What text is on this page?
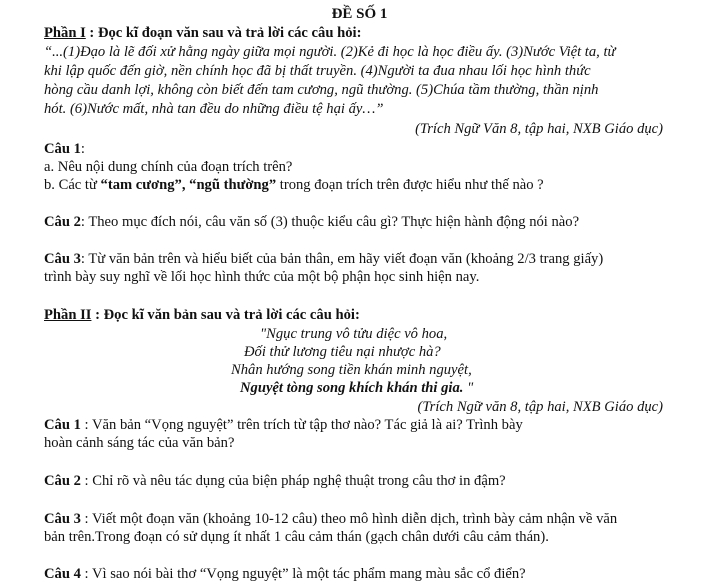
ĐỀ SỐ 1
Phần I : Đọc kĩ đoạn văn sau và trả lời các câu hỏi:
“...(1)Đạo là lẽ đối xử hằng ngày giữa mọi người. (2)Kẻ đi học là học điều ấy. (3)Nước Việt ta, từ
khi lập quốc đến giờ, nền chính học đã bị thất truyền. (4)Người ta đua nhau lối học hình thức
hòng cầu danh lợi, không còn biết đến tam cương, ngũ thường. (5)Chúa tầm thường, thần nịnh
hót. (6)Nước mất, nhà tan đều do những điều tệ hại ấy…”
(Trích Ngữ Văn 8, tập hai, NXB Giáo dục)
Câu 1:
a. Nêu nội dung chính của đoạn trích trên?
b. Các từ “tam cương”, “ngũ thường” trong đoạn trích trên được hiểu như thế nào ?
Câu 2: Theo mục đích nói, câu văn số (3) thuộc kiểu câu gì? Thực hiện hành động nói nào?
Câu 3: Từ văn bản trên và hiểu biết của bản thân, em hãy viết đoạn văn (khoảng 2/3 trang giấy)
trình bày suy nghĩ về lối học hình thức của một bộ phận học sinh hiện nay.
Phần II : Đọc kĩ văn bản sau và trả lời các câu hỏi:
"Ngục trung vô tửu diệc vô hoa,
Đối thử lương tiêu nại nhược hà?
Nhân hướng song tiền khán minh nguyệt,
Nguyệt tòng song khích khán thi gia. "
(Trích Ngữ văn 8, tập hai, NXB Giáo dục)
Câu 1 : Văn bản “Vọng nguyệt” trên trích từ tập thơ nào? Tác giả là ai? Trình bày
hoàn cảnh sáng tác của văn bản?
Câu 2 : Chỉ rõ và nêu tác dụng của biện pháp nghệ thuật trong câu thơ in đậm?
Câu 3 : Viết một đoạn văn (khoảng 10-12 câu) theo mô hình diễn dịch, trình bày cảm nhận về văn
bản trên.Trong đoạn có sử dụng ít nhất 1 câu cảm thán (gạch chân dưới câu cảm thán).
Câu 4 : Vì sao nói bài thơ “Vọng nguyệt” là một tác phẩm mang màu sắc cổ điển?
